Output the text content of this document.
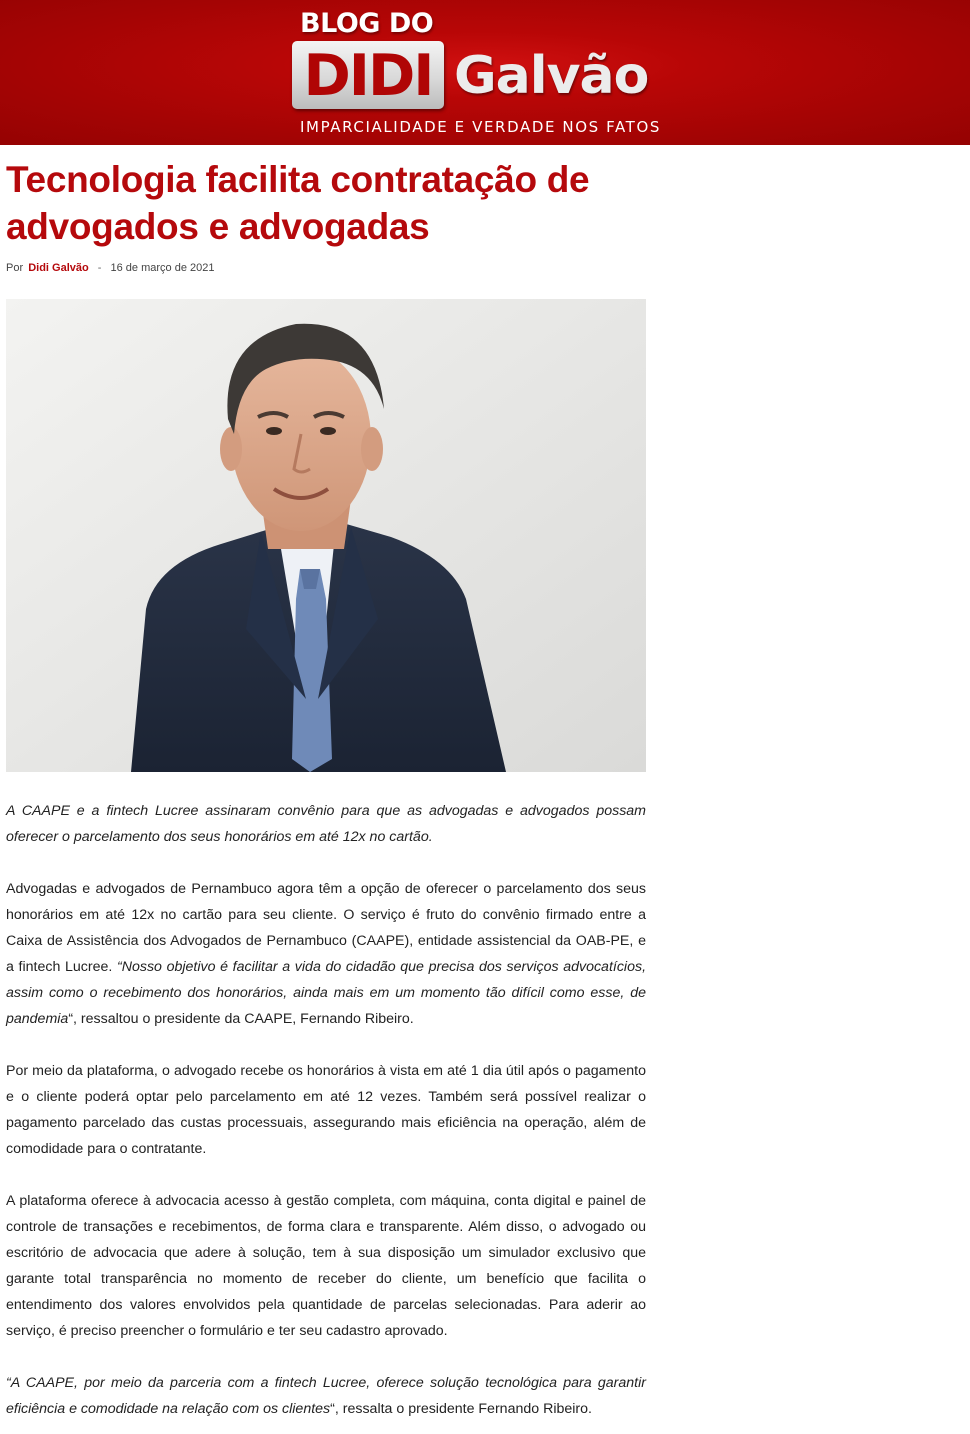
BLOG DO
DIDI Galvão
IMPARCIALIDADE E VERDADE NOS FATOS
Tecnologia facilita contratação de advogados e advogadas
Por Didi Galvão - 16 de março de 2021

A CAAPE e a fintech Lucree assinaram convênio para que as advogadas e advogados possam oferecer o parcelamento dos seus honorários em até 12x no cartão.

Advogadas e advogados de Pernambuco agora têm a opção de oferecer o parcelamento dos seus honorários em até 12x no cartão para seu cliente. O serviço é fruto do convênio firmado entre a Caixa de Assistência dos Advogados de Pernambuco (CAAPE), entidade assistencial da OAB-PE, e a fintech Lucree. “Nosso objetivo é facilitar a vida do cidadão que precisa dos serviços advocatícios, assim como o recebimento dos honorários, ainda mais em um momento tão difícil como esse, de pandemia“, ressaltou o presidente da CAAPE, Fernando Ribeiro.

Por meio da plataforma, o advogado recebe os honorários à vista em até 1 dia útil após o pagamento e o cliente poderá optar pelo parcelamento em até 12 vezes. Também será possível realizar o pagamento parcelado das custas processuais, assegurando mais eficiência na operação, além de comodidade para o contratante.

A plataforma oferece à advocacia acesso à gestão completa, com máquina, conta digital e painel de controle de transações e recebimentos, de forma clara e transparente. Além disso, o advogado ou escritório de advocacia que adere à solução, tem à sua disposição um simulador exclusivo que garante total transparência no momento de receber do cliente, um benefício que facilita o entendimento dos valores envolvidos pela quantidade de parcelas selecionadas. Para aderir ao serviço, é preciso preencher o formulário e ter seu cadastro aprovado.

“A CAAPE, por meio da parceria com a fintech Lucree, oferece solução tecnológica para garantir eficiência e comodidade na relação com os clientes“, ressalta o presidente Fernando Ribeiro.
